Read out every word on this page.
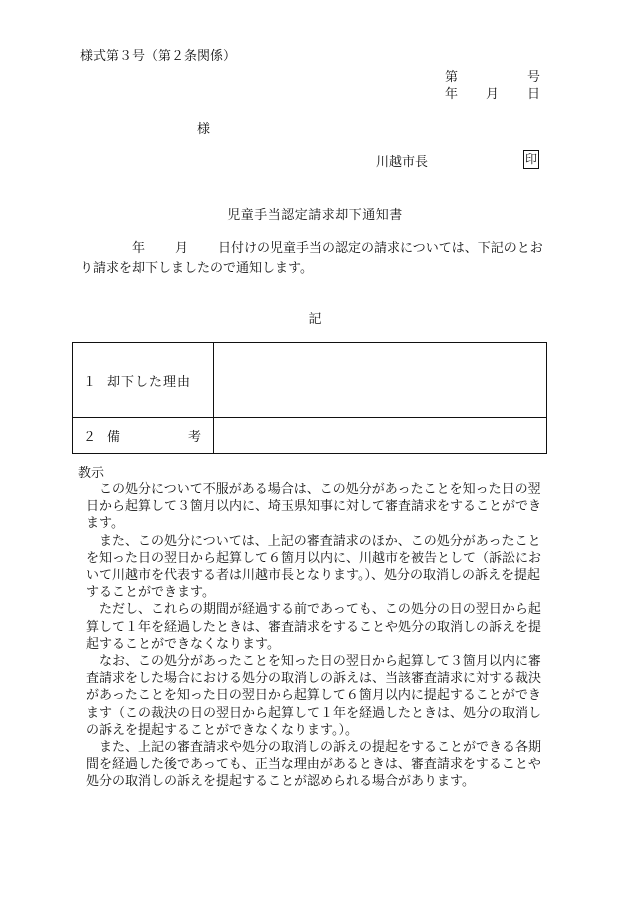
様式第３号（第２条関係）
第	号
年 月 日
様
川越市長	印
児童手当認定請求却下通知書
年 月 日付けの児童手当の認定の請求については、下記のとお
り請求を却下しましたので通知します。
記
１ 却下した理由	

２ 備 考	

教示

この処分について不服がある場合は、この処分があったことを知った日の翌日から起算して３箇月以内に、埼玉県知事に対して審査請求をすることができます。

また、この処分については、上記の審査請求のほか、この処分があったことを知った日の翌日から起算して６箇月以内に、川越市を被告として（訴訟において川越市を代表する者は川越市長となります。）、処分の取消しの訴えを提起することができます。

ただし、これらの期間が経過する前であっても、この処分の日の翌日から起算して１年を経過したときは、審査請求をすることや処分の取消しの訴えを提起することができなくなります。

なお、この処分があったことを知った日の翌日から起算して３箇月以内に審査請求をした場合における処分の取消しの訴えは、当該審査請求に対する裁決があったことを知った日の翌日から起算して６箇月以内に提起することができます（この裁決の日の翌日から起算して１年を経過したときは、処分の取消しの訴えを提起することができなくなります。）。

また、上記の審査請求や処分の取消しの訴えの提起をすることができる各期間を経過した後であっても、正当な理由があるときは、審査請求をすることや処分の取消しの訴えを提起することが認められる場合があります。
